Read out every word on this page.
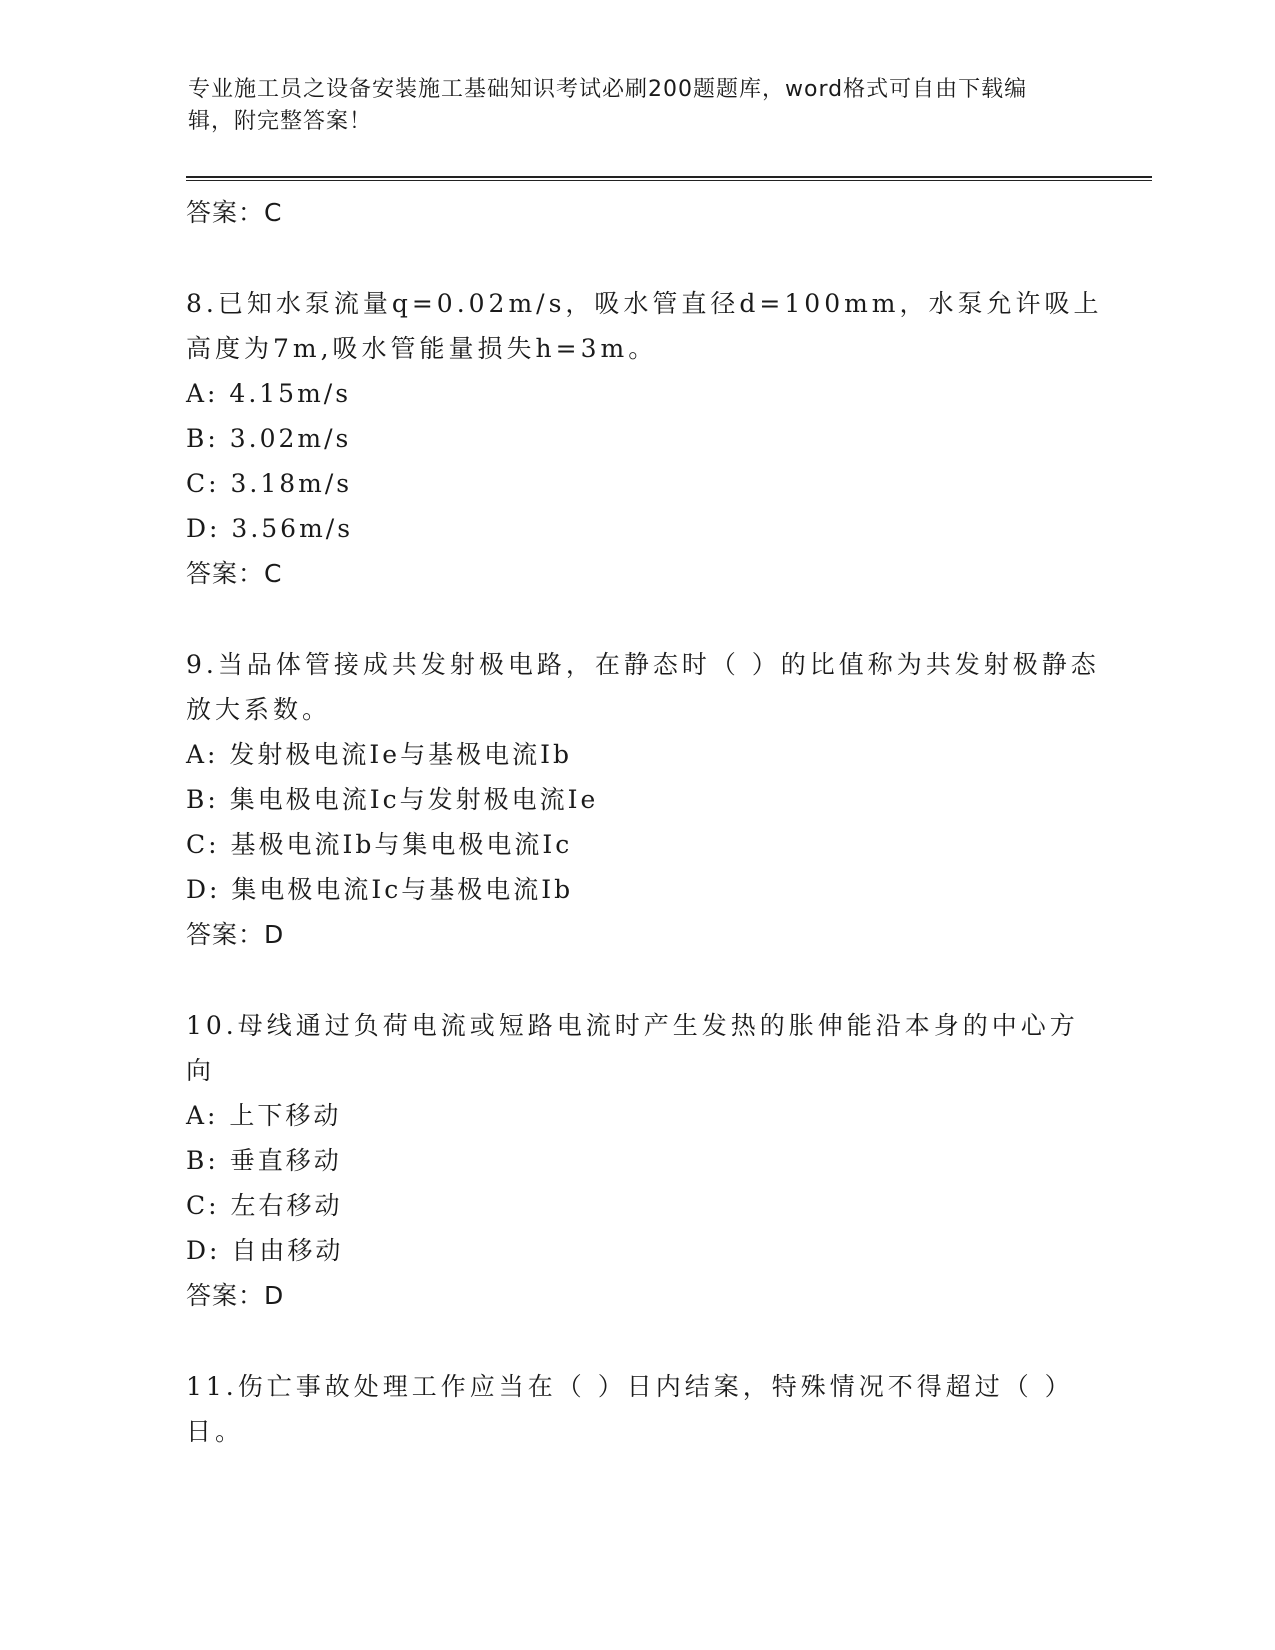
专业施工员之设备安装施工基础知识考试必刷200题题库，word格式可自由下载编辑，附完整答案！
答案：C
8.已知水泵流量q=0.02m/s，吸水管直径d=100mm，水泵允许吸上高度为7m,吸水管能量损失h=3m。
A: 4.15m/s
B: 3.02m/s
C: 3.18m/s
D: 3.56m/s
答案：C
9.当品体管接成共发射极电路，在静态时（ ）的比值称为共发射极静态放大系数。
A: 发射极电流Ie与基极电流Ib
B: 集电极电流Ic与发射极电流Ie
C: 基极电流Ib与集电极电流Ic
D: 集电极电流Ic与基极电流Ib
答案：D
10.母线通过负荷电流或短路电流时产生发热的胀伸能沿本身的中心方向
A: 上下移动
B: 垂直移动
C: 左右移动
D: 自由移动
答案：D
11.伤亡事故处理工作应当在（ ）日内结案，特殊情况不得超过（ ）日。
